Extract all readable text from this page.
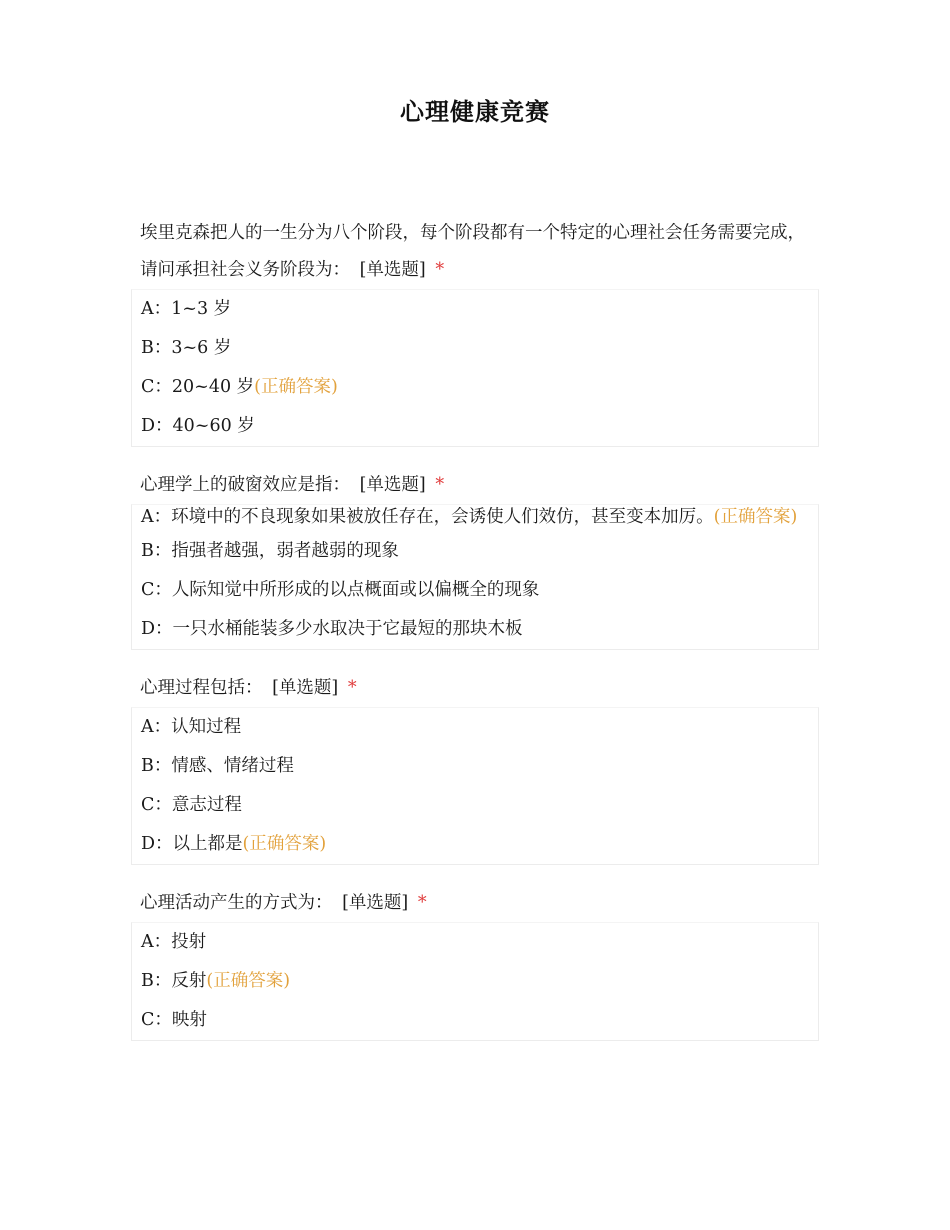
心理健康竞赛
埃里克森把人的一生分为八个阶段，每个阶段都有一个特定的心理社会任务需要完成，请问承担社会义务阶段为： [单选题] *
A：1~3 岁
B：3~6 岁
C：20~40 岁(正确答案)
D：40~60 岁
心理学上的破窗效应是指： [单选题] *
A：环境中的不良现象如果被放任存在，会诱使人们效仿，甚至变本加厉。(正确答案)
B：指强者越强，弱者越弱的现象
C：人际知觉中所形成的以点概面或以偏概全的现象
D：一只水桶能装多少水取决于它最短的那块木板
心理过程包括： [单选题] *
A：认知过程
B：情感、情绪过程
C：意志过程
D：以上都是(正确答案)
心理活动产生的方式为： [单选题] *
A：投射
B：反射(正确答案)
C：映射
